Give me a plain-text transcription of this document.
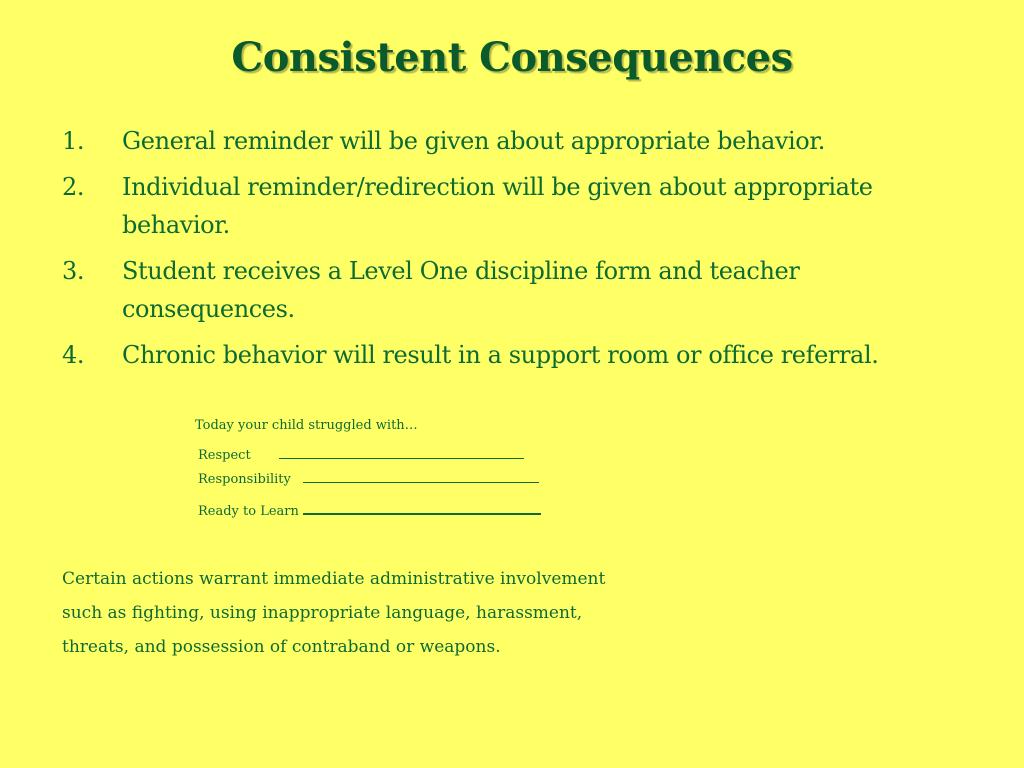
Consistent Consequences
1. General reminder will be given about appropriate behavior.
2. Individual reminder/redirection will be given about appropriate behavior.
3. Student receives a Level One discipline form and teacher consequences.
4. Chronic behavior will result in a support room or office referral.
Today your child struggled with…
Respect
Responsibility
Ready to Learn
Certain actions warrant immediate administrative involvement
such as fighting, using inappropriate language, harassment,
threats, and possession of contraband or weapons.
